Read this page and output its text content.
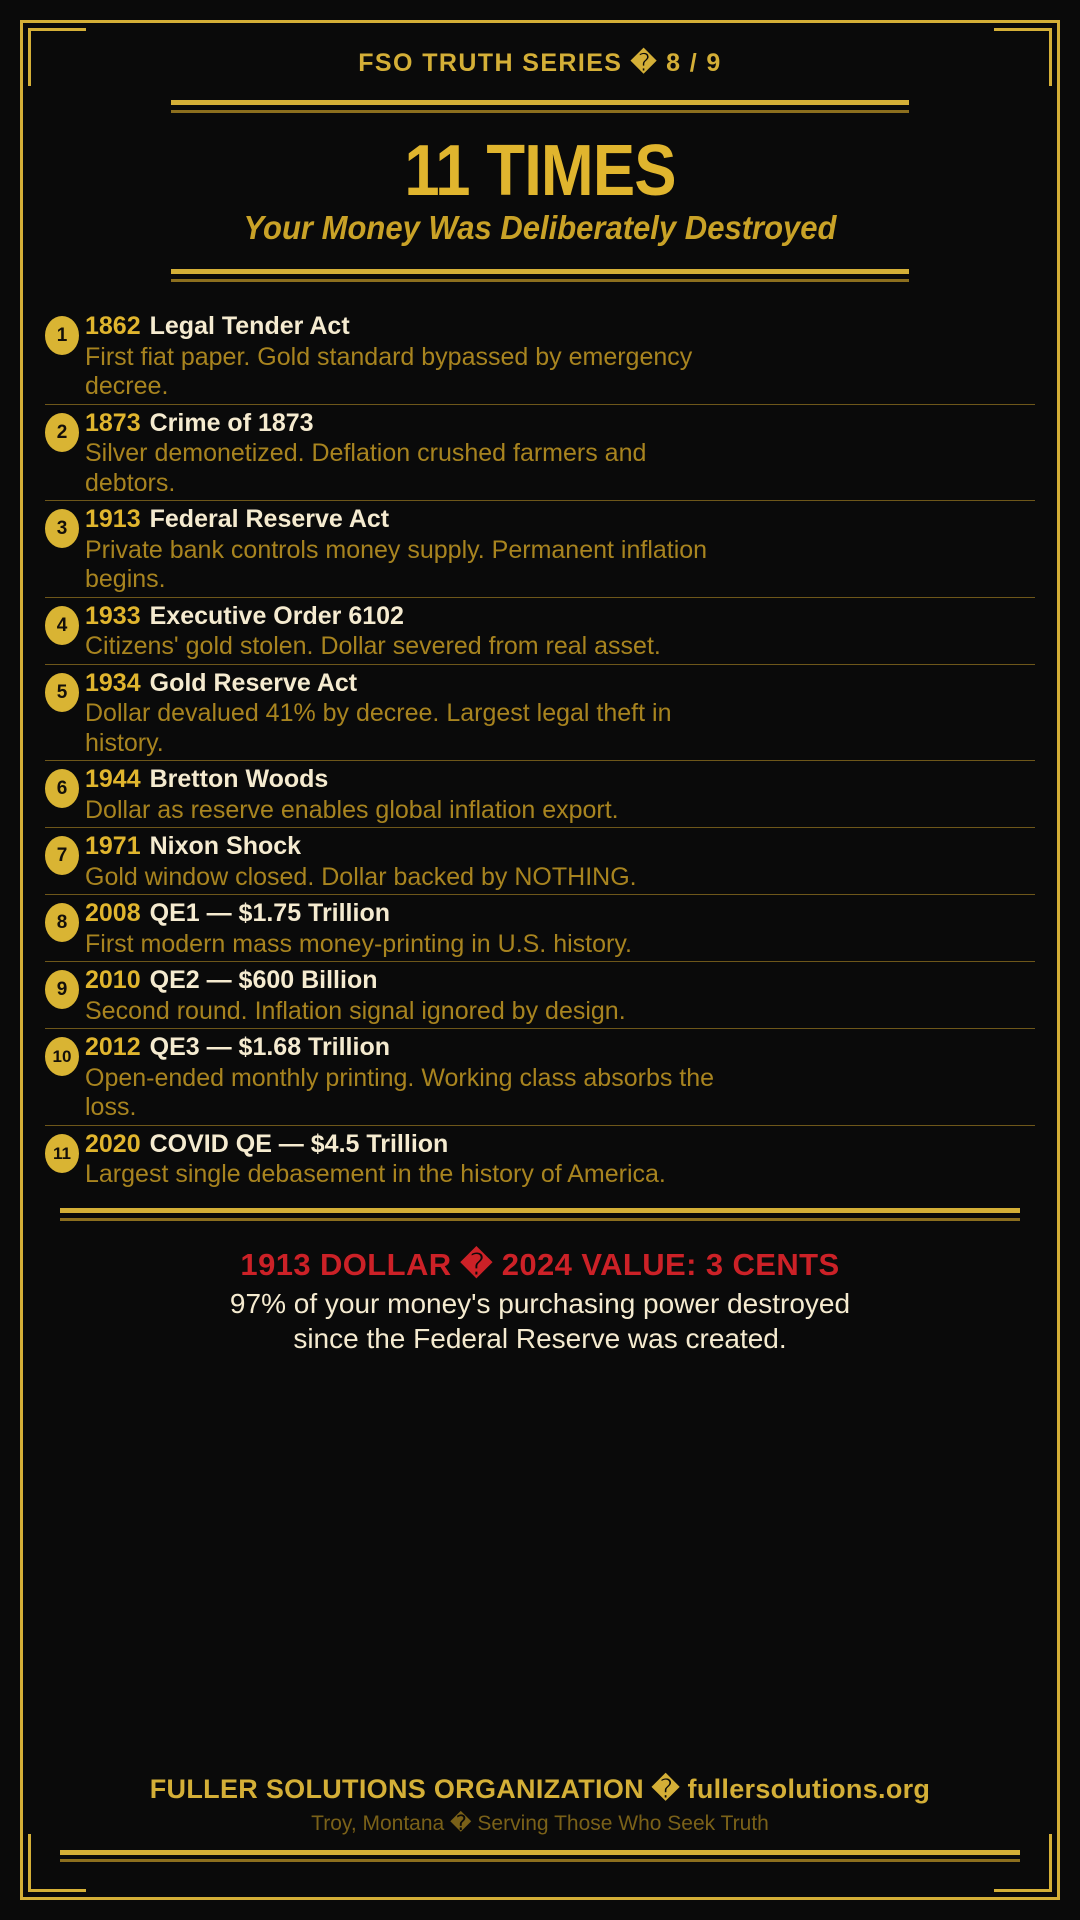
FSO TRUTH SERIES � 8 / 9
11 TIMES
Your Money Was Deliberately Destroyed
1 1862 Legal Tender Act
First fiat paper. Gold standard bypassed by emergency decree.
2 1873 Crime of 1873
Silver demonetized. Deflation crushed farmers and debtors.
3 1913 Federal Reserve Act
Private bank controls money supply. Permanent inflation begins.
4 1933 Executive Order 6102
Citizens' gold stolen. Dollar severed from real asset.
5 1934 Gold Reserve Act
Dollar devalued 41% by decree. Largest legal theft in history.
6 1944 Bretton Woods
Dollar as reserve enables global inflation export.
7 1971 Nixon Shock
Gold window closed. Dollar backed by NOTHING.
8 2008 QE1 — $1.75 Trillion
First modern mass money-printing in U.S. history.
9 2010 QE2 — $600 Billion
Second round. Inflation signal ignored by design.
10 2012 QE3 — $1.68 Trillion
Open-ended monthly printing. Working class absorbs the loss.
11 2020 COVID QE — $4.5 Trillion
Largest single debasement in the history of America.
1913 DOLLAR � 2024 VALUE: 3 CENTS
97% of your money's purchasing power destroyed
since the Federal Reserve was created.
FULLER SOLUTIONS ORGANIZATION � fullersolutions.org
Troy, Montana � Serving Those Who Seek Truth
